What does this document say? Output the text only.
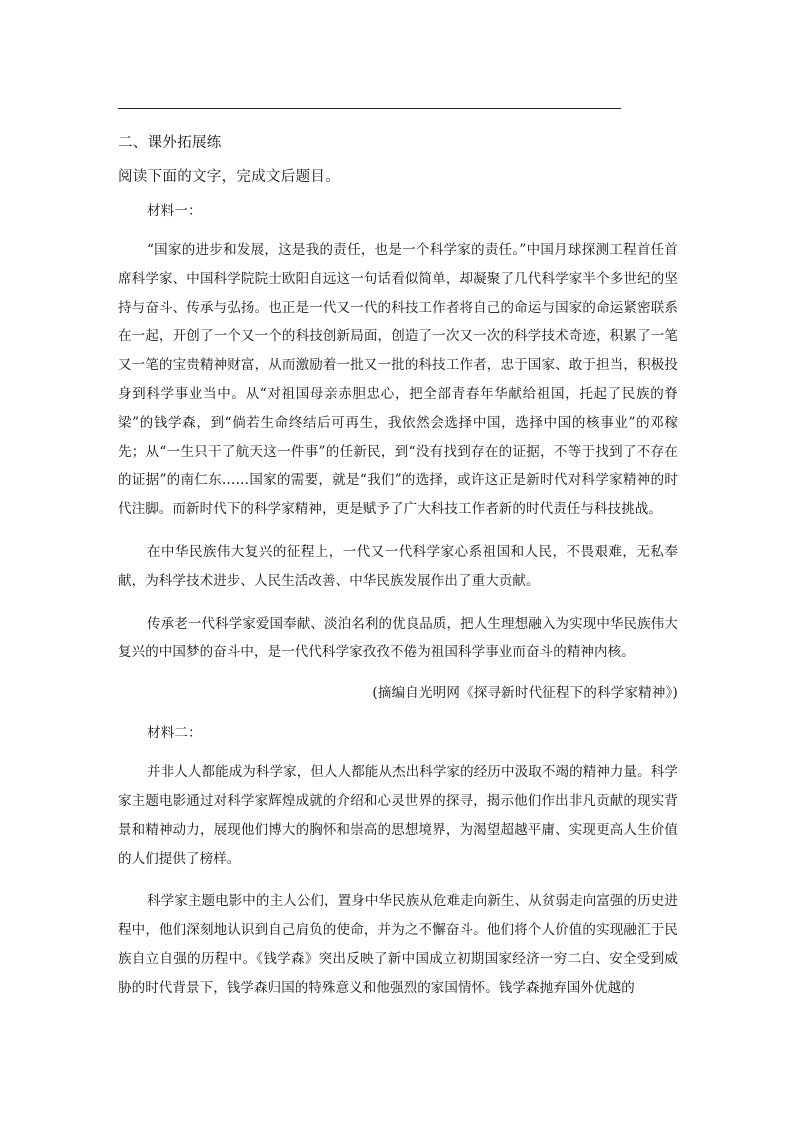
二、课外拓展练
阅读下面的文字，完成文后题目。
材料一：

“国家的进步和发展，这是我的责任，也是一个科学家的责任。”中国月球探测工程首任首席科学家、中国科学院院士欧阳自远这一句话看似简单，却凝聚了几代科学家半个多世纪的坚持与奋斗、传承与弘扬。也正是一代又一代的科技工作者将自己的命运与国家的命运紧密联系在一起，开创了一个又一个的科技创新局面，创造了一次又一次的科学技术奇迹，积累了一笔又一笔的宝贵精神财富，从而激励着一批又一批的科技工作者，忠于国家、敢于担当，积极投身到科学事业当中。从“对祖国母亲赤胆忠心，把全部青春年华献给祖国，托起了民族的脊梁”的钱学森，到“倘若生命终结后可再生，我依然会选择中国，选择中国的核事业”的邓稼先；从“一生只干了航天这一件事”的任新民，到“没有找到存在的证据，不等于找到了不存在的证据”的南仁东……国家的需要，就是“我们”的选择，或许这正是新时代对科学家精神的时代注脚。而新时代下的科学家精神，更是赋予了广大科技工作者新的时代责任与科技挑战。

在中华民族伟大复兴的征程上，一代又一代科学家心系祖国和人民，不畏艰难，无私奉献，为科学技术进步、人民生活改善、中华民族发展作出了重大贡献。

传承老一代科学家爱国奉献、淡泊名利的优良品质，把人生理想融入为实现中华民族伟大复兴的中国梦的奋斗中，是一代代科学家孜孜不倦为祖国科学事业而奋斗的精神内核。

(摘编自光明网《探寻新时代征程下的科学家精神》)
材料二：

并非人人都能成为科学家，但人人都能从杰出科学家的经历中汲取不竭的精神力量。科学家主题电影通过对科学家辉煌成就的介绍和心灵世界的探寻，揭示他们作出非凡贡献的现实背景和精神动力，展现他们博大的胸怀和崇高的思想境界，为渴望超越平庸、实现更高人生价值的人们提供了榜样。

科学家主题电影中的主人公们，置身中华民族从危难走向新生、从贫弱走向富强的历史进程中，他们深刻地认识到自己肩负的使命，并为之不懈奋斗。他们将个人价值的实现融汇于民族自立自强的历程中。《钱学森》突出反映了新中国成立初期国家经济一穷二白、安全受到威胁的时代背景下，钱学森归国的特殊意义和他强烈的家国情怀。钱学森抛弃国外优越的
